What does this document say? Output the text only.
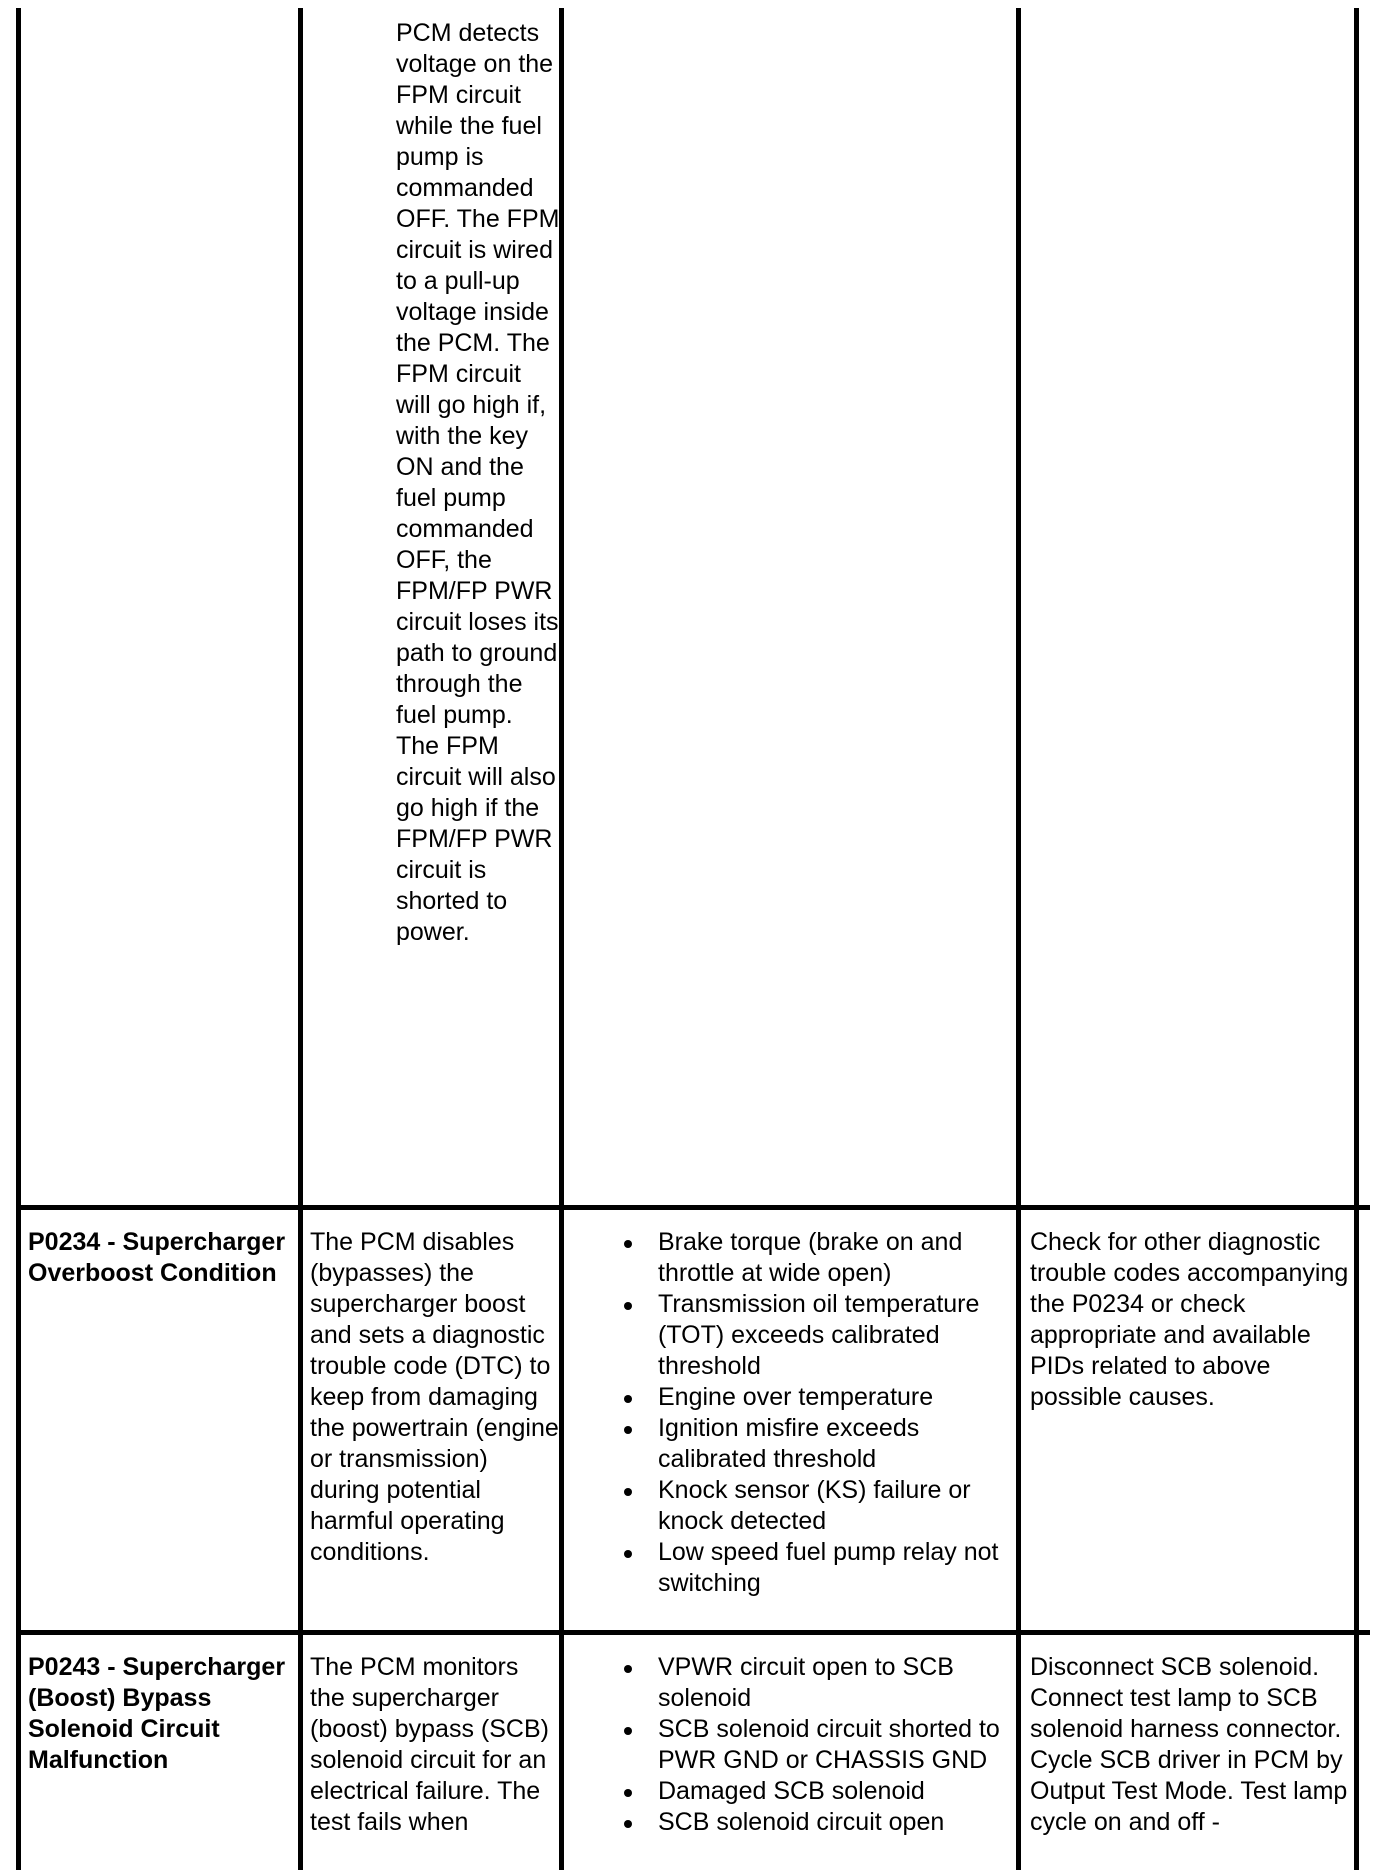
PCM detects voltage on the FPM circuit while the fuel pump is commanded OFF. The FPM circuit is wired to a pull-up voltage inside the PCM. The FPM circuit will go high if, with the key ON and the fuel pump commanded OFF, the FPM/FP PWR circuit loses its path to ground through the fuel pump. The FPM circuit will also go high if the FPM/FP PWR circuit is shorted to power.
P0234 - Supercharger Overboost Condition
The PCM disables (bypasses) the supercharger boost and sets a diagnostic trouble code (DTC) to keep from damaging the powertrain (engine or transmission) during potential harmful operating conditions.
Brake torque (brake on and throttle at wide open)
Transmission oil temperature (TOT) exceeds calibrated threshold
Engine over temperature
Ignition misfire exceeds calibrated threshold
Knock sensor (KS) failure or knock detected
Low speed fuel pump relay not switching
Check for other diagnostic trouble codes accompanying the P0234 or check appropriate and available PIDs related to above possible causes.
P0243 - Supercharger (Boost) Bypass Solenoid Circuit Malfunction
The PCM monitors the supercharger (boost) bypass (SCB) solenoid circuit for an electrical failure. The test fails when
VPWR circuit open to SCB solenoid
SCB solenoid circuit shorted to PWR GND or CHASSIS GND
Damaged SCB solenoid
SCB solenoid circuit open
Disconnect SCB solenoid. Connect test lamp to SCB solenoid harness connector. Cycle SCB driver in PCM by Output Test Mode. Test lamp cycle on and off -
